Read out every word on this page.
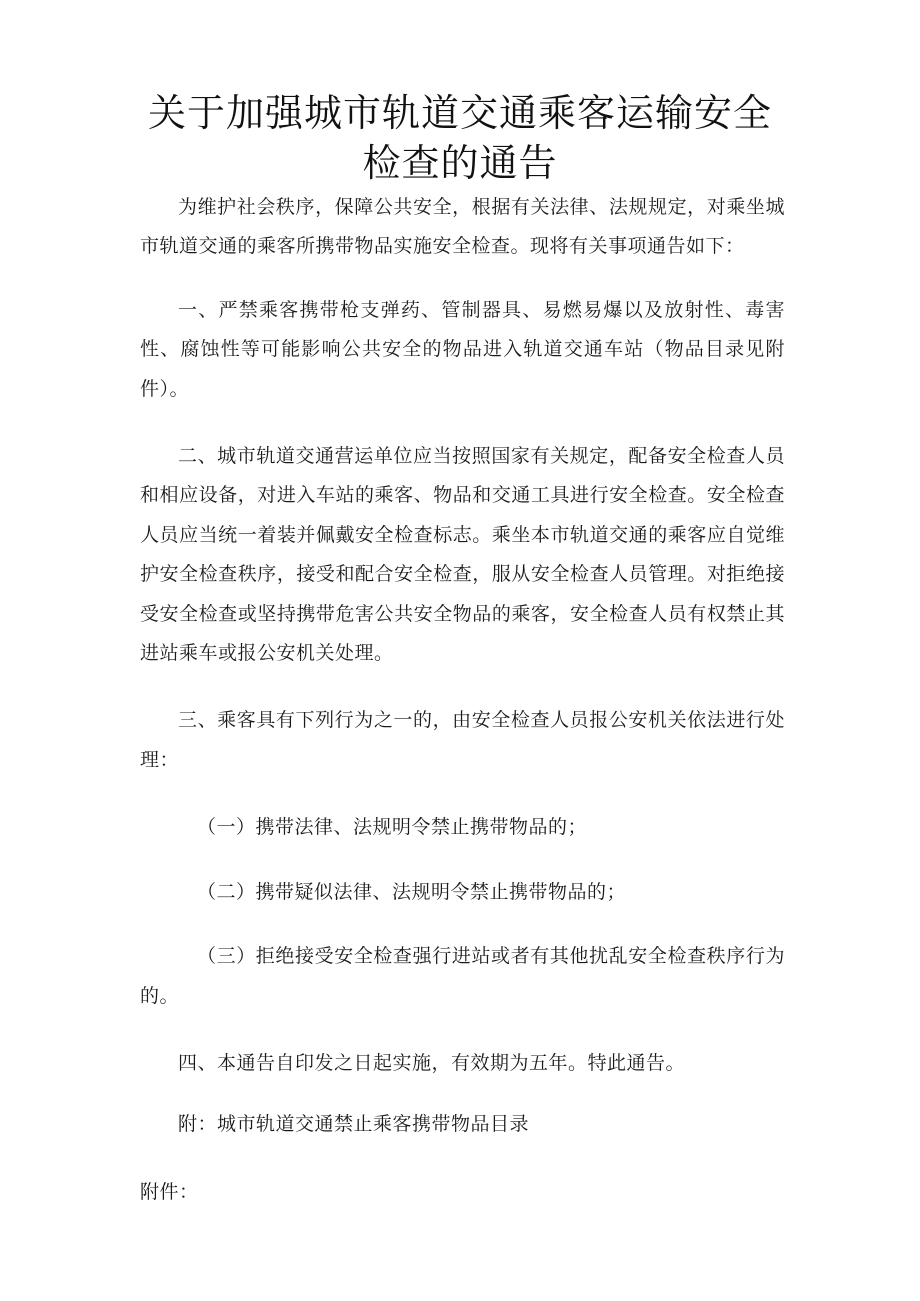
关于加强城市轨道交通乘客运输安全检查的通告

为维护社会秩序，保障公共安全，根据有关法律、法规规定，对乘坐城市轨道交通的乘客所携带物品实施安全检查。现将有关事项通告如下：

一、严禁乘客携带枪支弹药、管制器具、易燃易爆以及放射性、毒害性、腐蚀性等可能影响公共安全的物品进入轨道交通车站（物品目录见附件）。

二、城市轨道交通营运单位应当按照国家有关规定，配备安全检查人员和相应设备，对进入车站的乘客、物品和交通工具进行安全检查。安全检查人员应当统一着装并佩戴安全检查标志。乘坐本市轨道交通的乘客应自觉维护安全检查秩序，接受和配合安全检查，服从安全检查人员管理。对拒绝接受安全检查或坚持携带危害公共安全物品的乘客，安全检查人员有权禁止其进站乘车或报公安机关处理。

三、乘客具有下列行为之一的，由安全检查人员报公安机关依法进行处理：

（一）携带法律、法规明令禁止携带物品的；

（二）携带疑似法律、法规明令禁止携带物品的；

（三）拒绝接受安全检查强行进站或者有其他扰乱安全检查秩序行为的。

四、本通告自印发之日起实施，有效期为五年。特此通告。

附：城市轨道交通禁止乘客携带物品目录

附件：
